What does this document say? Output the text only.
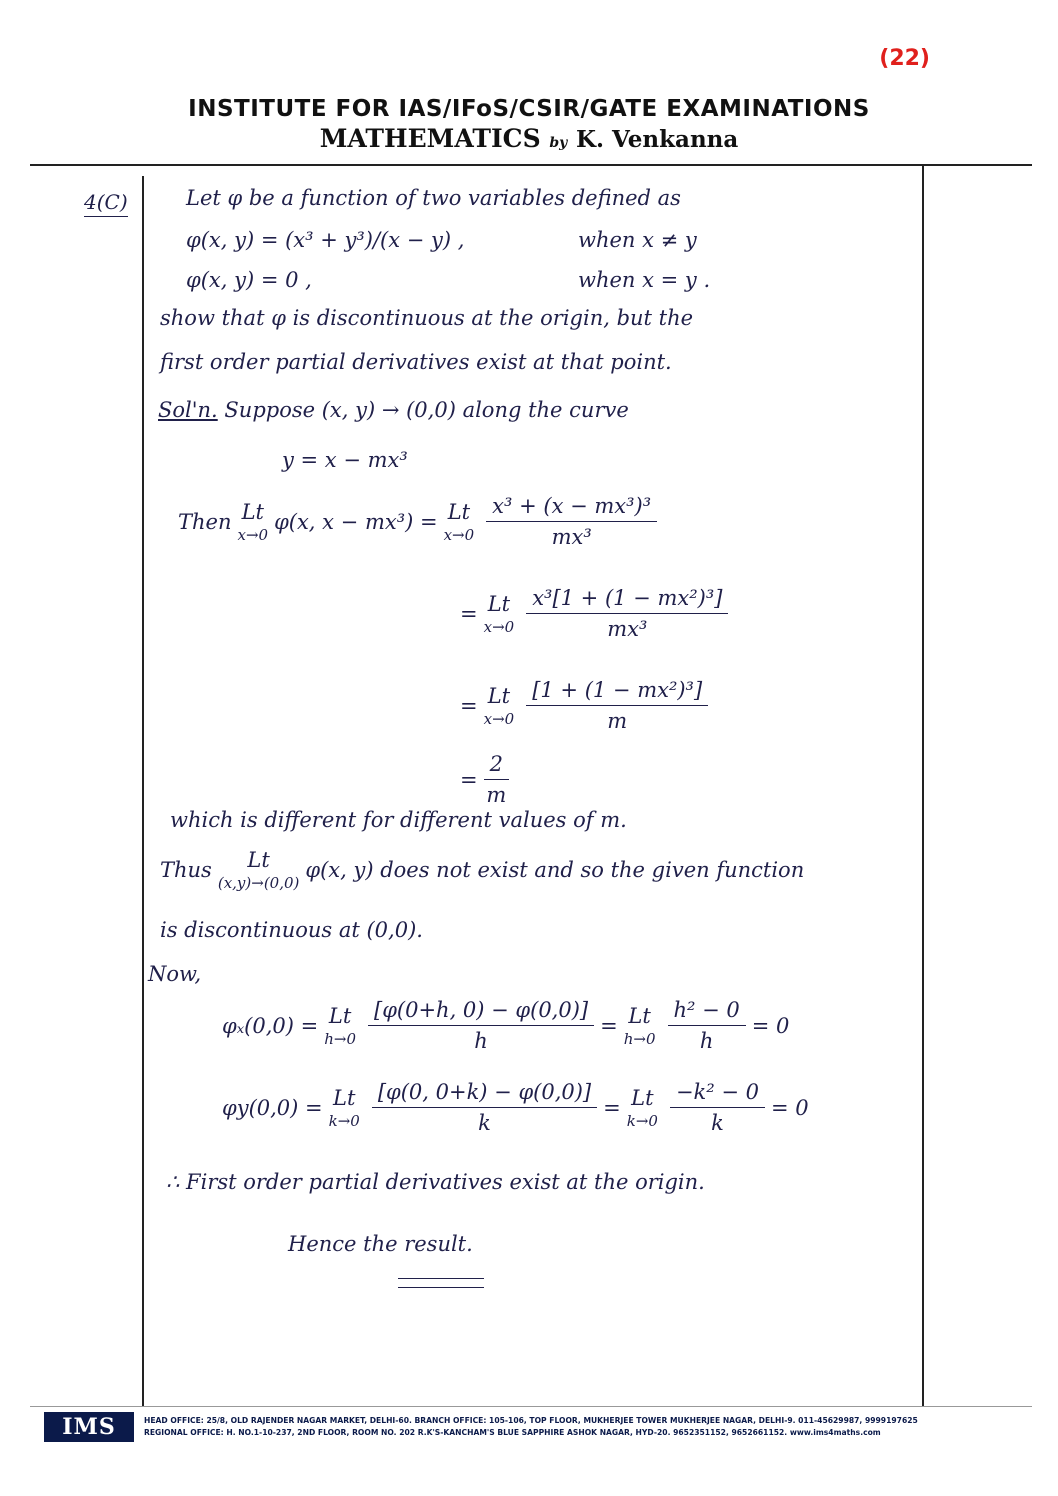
(22)
INSTITUTE FOR IAS/IFoS/CSIR/GATE EXAMINATIONS
MATHEMATICS by K. Venkanna
4(C)	Let φ be a function of two variables defined as
φ(x, y) = (x³ + y³)/(x − y) ,	when x ≠ y
φ(x, y) = 0 ,	when x = y .
show that φ is discontinuous at the origin, but the
first order partial derivatives exist at that point.
Sol'n. Suppose (x, y) → (0,0) along the curve
y = x − mx³
Then Lt
x→0
φ(x, x − mx³) = Lt
$x\to 0 \frac{\text{x³ + (x − mx³)³}}{\text{mx³}}$
= Lt
$x\to 0 \frac{\text{x³[1 + (1 − mx²)³]}}{\text{mx³}}$
= Lt
$x\to 0 \frac{\text{[1 + (1 − mx²)³]}}{m}$
= $\frac{2}{m}$
which is different for different values of m.
Thus Lt
(x,y)→(0,0)
φ(x, y) does not exist and so the given function
is discontinuous at (0,0).
Now,
φₓ(0,0) = Lt
$h\to 0 \frac{[\varphi(0+h, 0) - \varphi(0,0)]}{h} = Lt$
$h\to 0 \frac{\text{h² − 0}}{h} = 0$
φy(0,0) = Lt
$k\to 0 \frac{[\varphi(0, 0+k) - \varphi(0,0)]}{k} = Lt$
$k\to 0 \frac{\text{−k² − 0}}{k} = 0$
∴ First order partial derivatives exist at the origin.
Hence the result.
IMS	HEAD OFFICE: 25/8, OLD RAJENDER NAGAR MARKET, DELHI-60. BRANCH OFFICE: 105-106, TOP FLOOR, MUKHERJEE TOWER MUKHERJEE NAGAR, DELHI-9. 011-45629987, 9999197625
REGIONAL OFFICE: H. NO.1-10-237, 2ND FLOOR, ROOM NO. 202 R.K'S-KANCHAM'S BLUE SAPPHIRE ASHOK NAGAR, HYD-20. 9652351152, 9652661152. www.ims4maths.com
